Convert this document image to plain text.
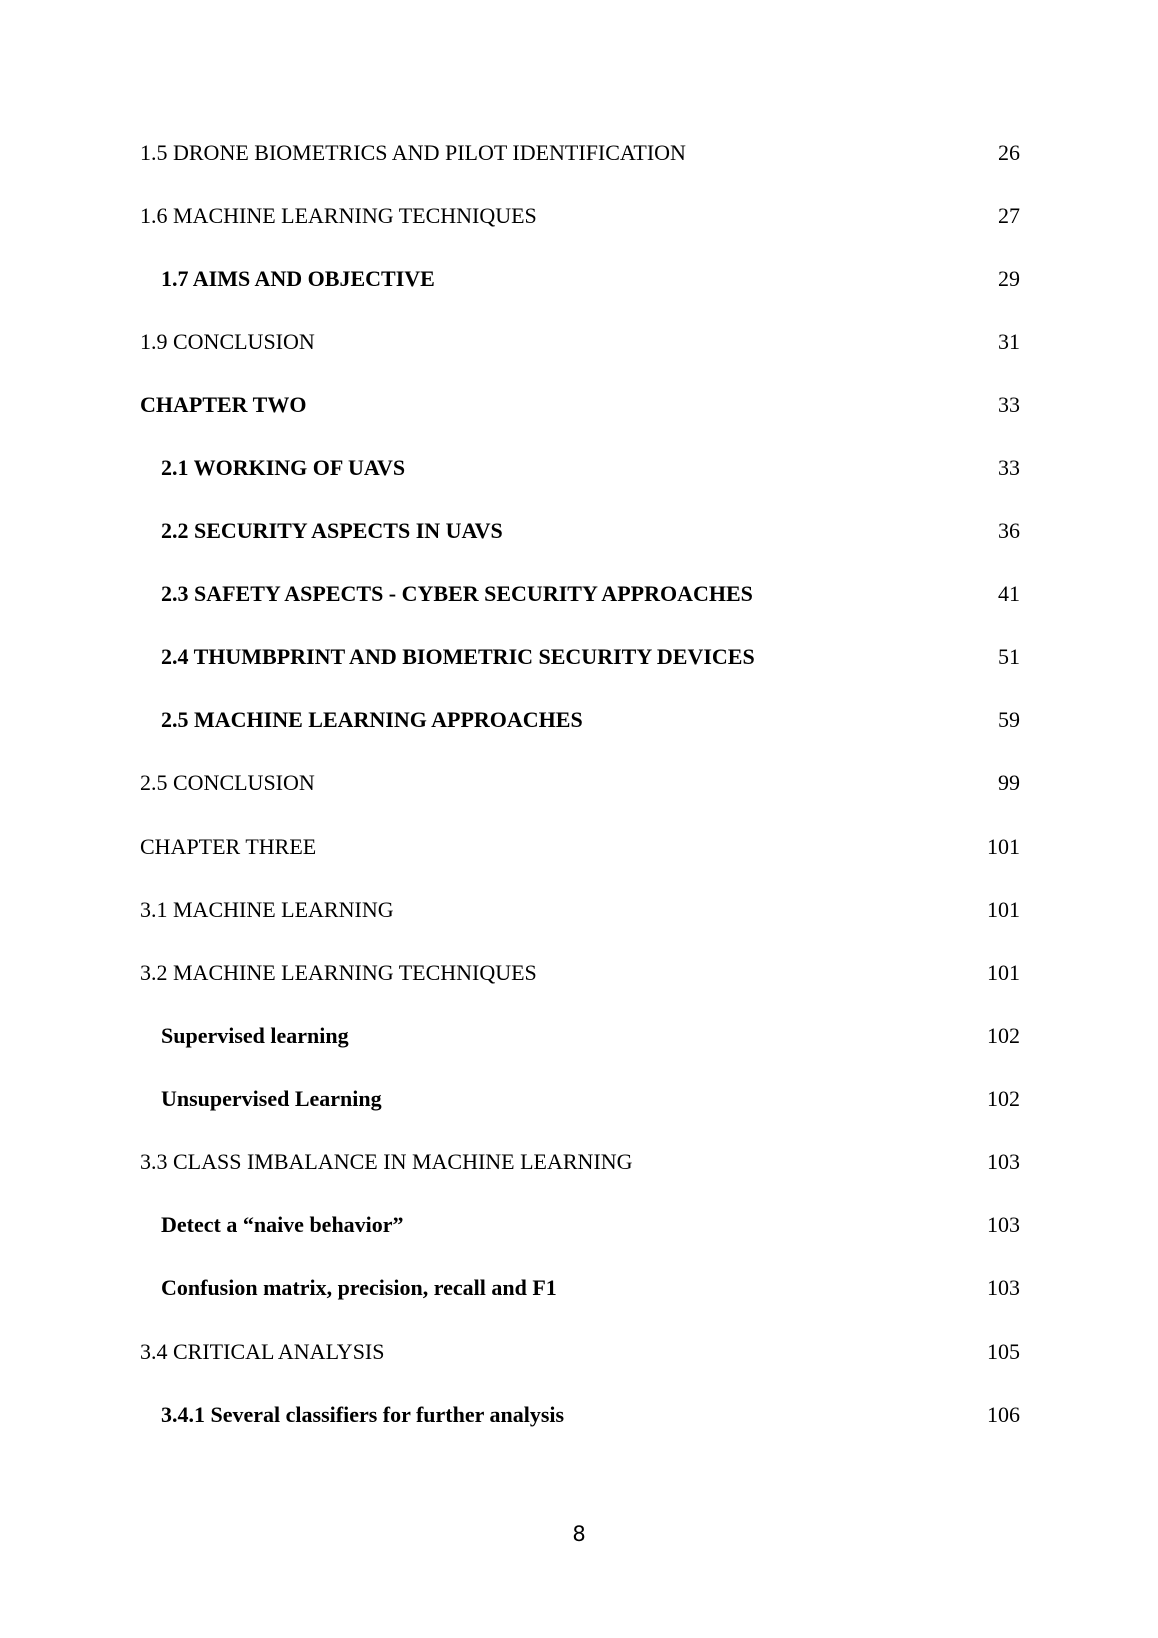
1.5 DRONE BIOMETRICS AND PILOT IDENTIFICATION	26
1.6 MACHINE LEARNING TECHNIQUES	27
1.7 AIMS AND OBJECTIVE	29
1.9 CONCLUSION	31
CHAPTER TWO	33
2.1 WORKING OF UAVS	33
2.2 SECURITY ASPECTS IN UAVS	36
2.3 SAFETY ASPECTS - CYBER SECURITY APPROACHES	41
2.4 THUMBPRINT AND BIOMETRIC SECURITY DEVICES	51
2.5 MACHINE LEARNING APPROACHES	59
2.5 CONCLUSION	99
CHAPTER THREE	101
3.1 MACHINE LEARNING	101
3.2 MACHINE LEARNING TECHNIQUES	101
Supervised learning	102
Unsupervised Learning	102
3.3 CLASS IMBALANCE IN MACHINE LEARNING	103
Detect a “naive behavior”	103
Confusion matrix, precision, recall and F1	103
3.4 CRITICAL ANALYSIS	105
3.4.1 Several classifiers for further analysis	106
8
